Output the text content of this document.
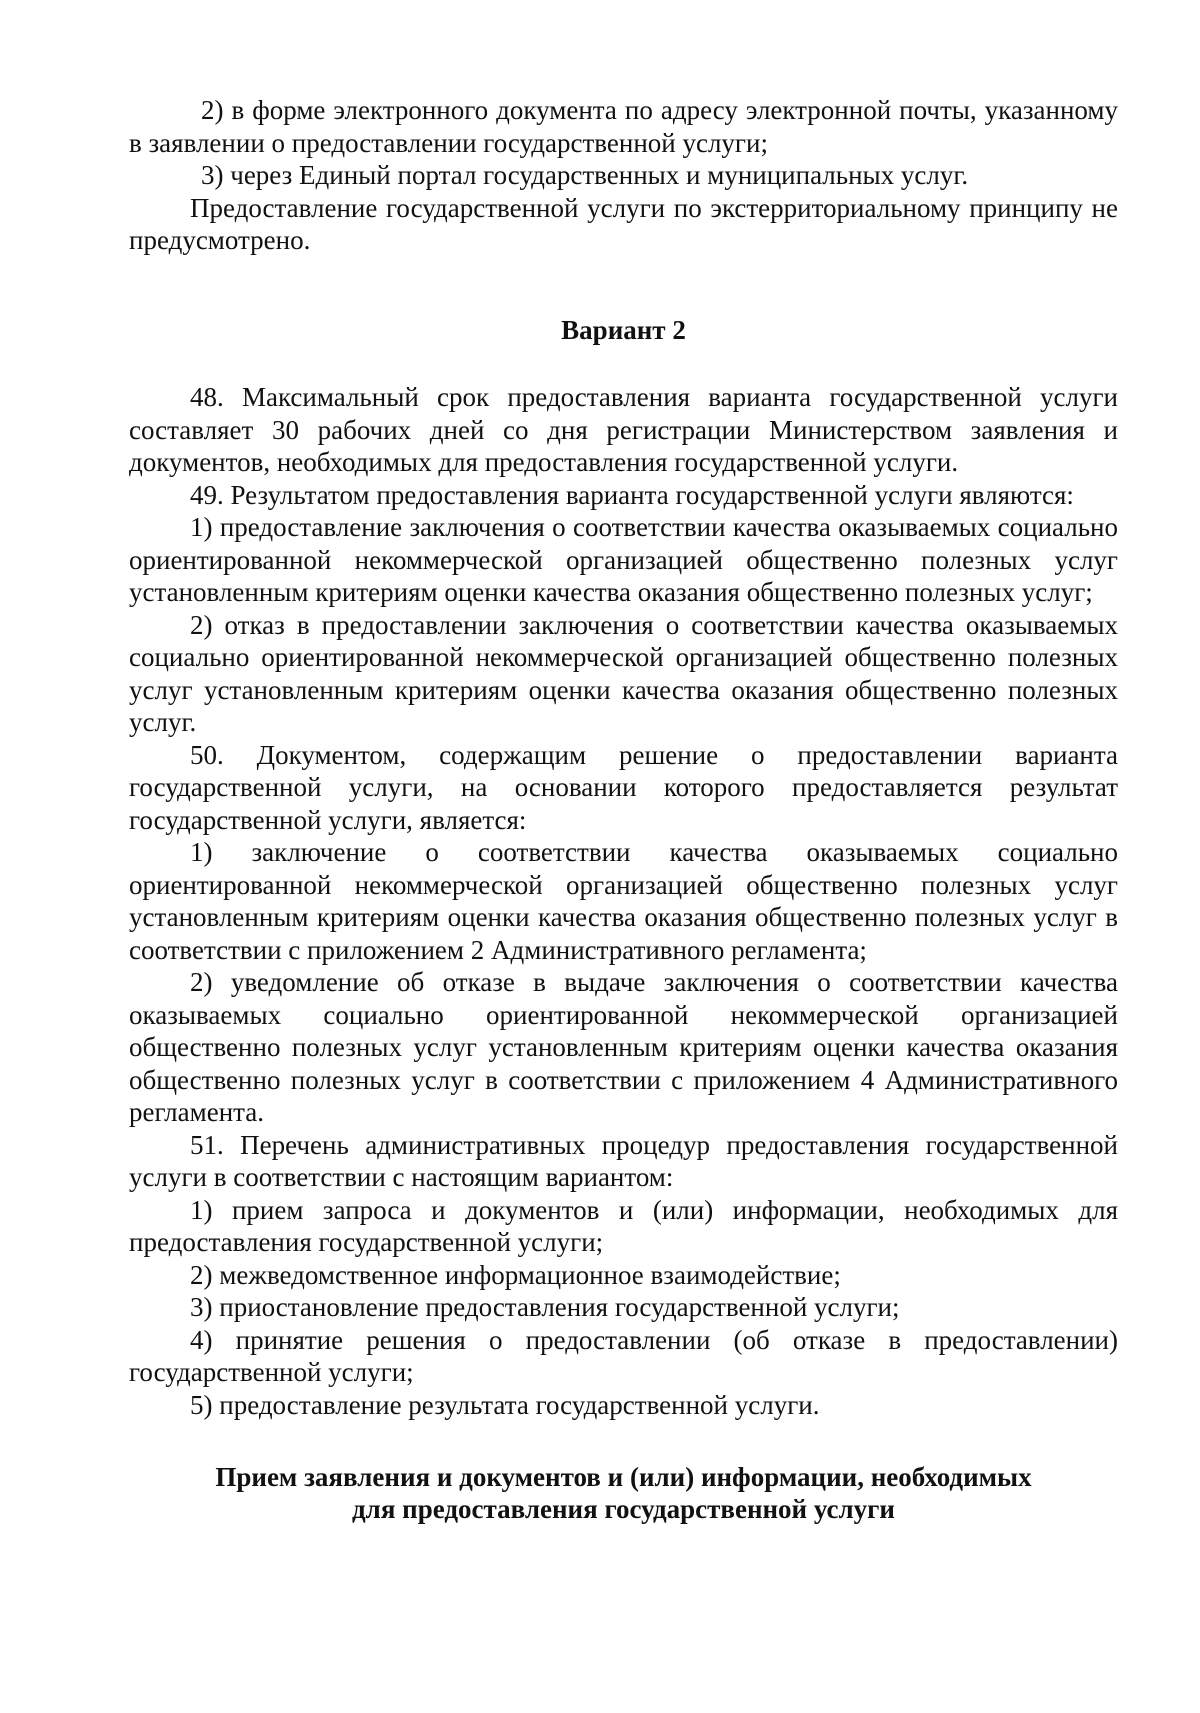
2) в форме электронного документа по адресу электронной почты, указанному в заявлении о предоставлении государственной услуги;

3) через Единый портал государственных и муниципальных услуг.

Предоставление государственной услуги по экстерриториальному принципу не предусмотрено.

Вариант 2

48. Максимальный срок предоставления варианта государственной услуги составляет 30 рабочих дней со дня регистрации Министерством заявления и документов, необходимых для предоставления государственной услуги.

49. Результатом предоставления варианта государственной услуги являются:

1) предоставление заключения о соответствии качества оказываемых социально ориентированной некоммерческой организацией общественно полезных услуг установленным критериям оценки качества оказания общественно полезных услуг;

2) отказ в предоставлении заключения о соответствии качества оказываемых социально ориентированной некоммерческой организацией общественно полезных услуг установленным критериям оценки качества оказания общественно полезных услуг.

50. Документом, содержащим решение о предоставлении варианта государственной услуги, на основании которого предоставляется результат государственной услуги, является:

1) заключение о соответствии качества оказываемых социально ориентированной некоммерческой организацией общественно полезных услуг установленным критериям оценки качества оказания общественно полезных услуг в соответствии с приложением 2 Административного регламента;

2) уведомление об отказе в выдаче заключения о соответствии качества оказываемых социально ориентированной некоммерческой организацией общественно полезных услуг установленным критериям оценки качества оказания общественно полезных услуг в соответствии с приложением 4 Административного регламента.

51. Перечень административных процедур предоставления государственной услуги в соответствии с настоящим вариантом:

1) прием запроса и документов и (или) информации, необходимых для предоставления государственной услуги;

2) межведомственное информационное взаимодействие;

3) приостановление предоставления государственной услуги;

4) принятие решения о предоставлении (об отказе в предоставлении) государственной услуги;

5) предоставление результата государственной услуги.

Прием заявления и документов и (или) информации, необходимых
для предоставления государственной услуги
